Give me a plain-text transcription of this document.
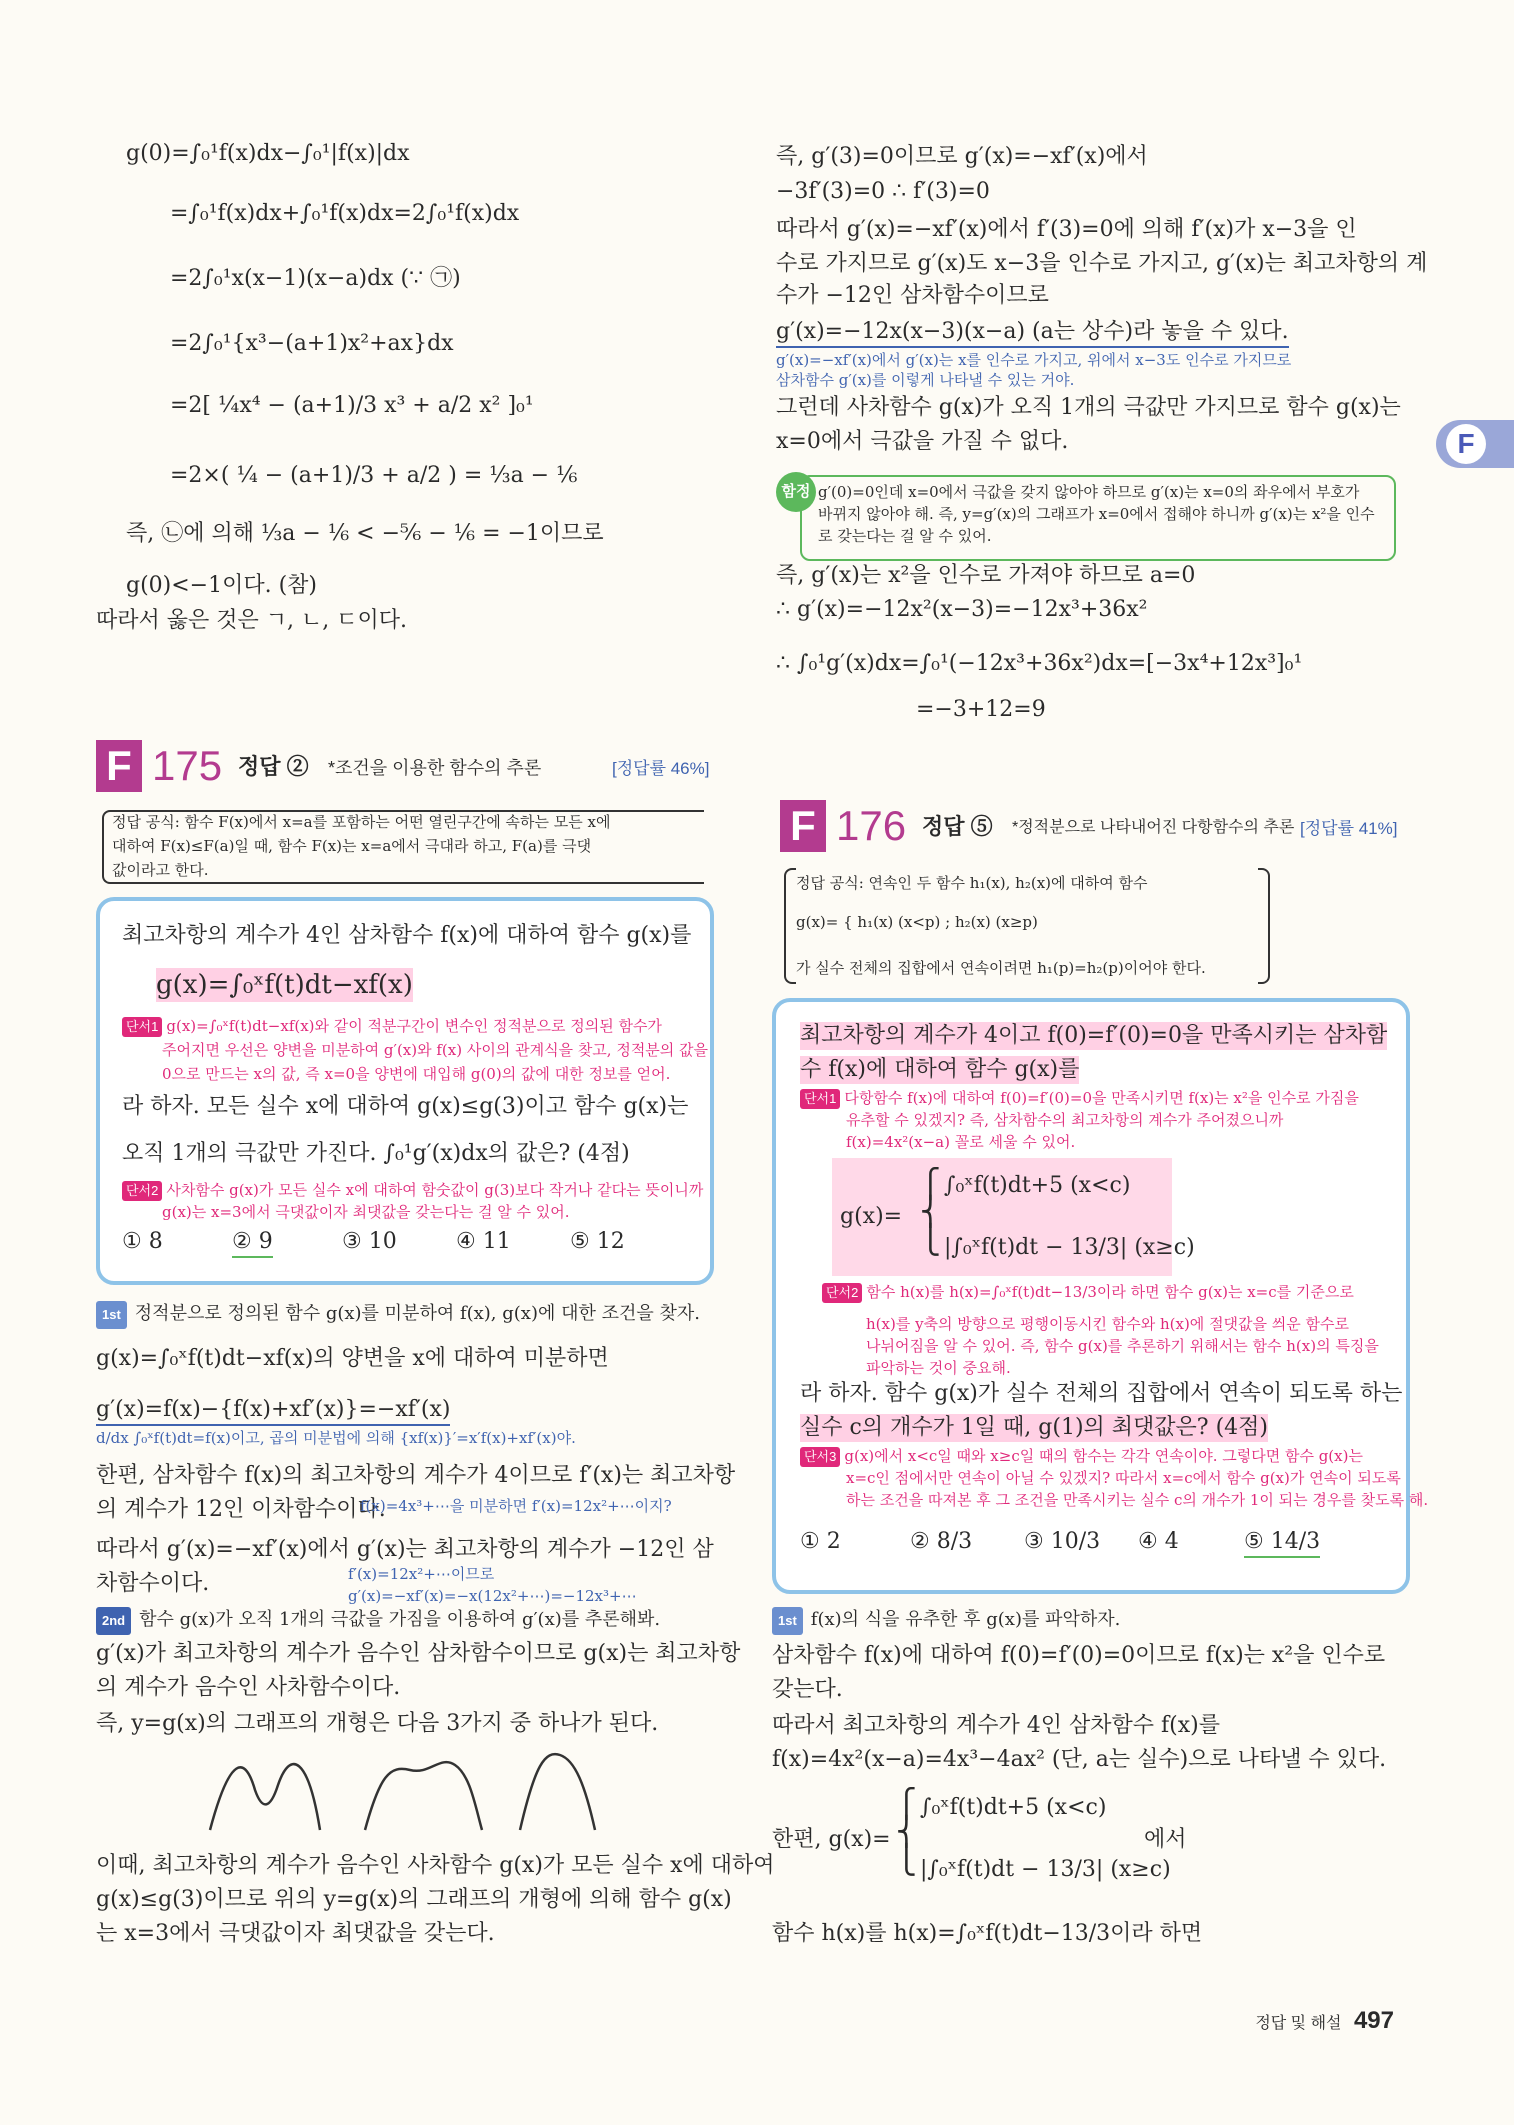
F
g(0)=∫₀¹f(x)dx−∫₀¹|f(x)|dx
=∫₀¹f(x)dx+∫₀¹f(x)dx=2∫₀¹f(x)dx
=2∫₀¹x(x−1)(x−a)dx (∵ ㉠)
=2∫₀¹{x³−(a+1)x²+ax}dx
=2[ ¼x⁴ − (a+1)/3 x³ + a/2 x² ]₀¹
=2×( ¼ − (a+1)/3 + a/2 ) = ⅓a − ⅙
즉, ㉡에 의해 ⅓a − ⅙ < −⁵⁄₆ − ⅙ = −1이므로
g(0)<−1이다. (참)
따라서 옳은 것은 ㄱ, ㄴ, ㄷ이다.
즉, g′(3)=0이므로 g′(x)=−xf′(x)에서
−3f′(3)=0 ∴ f′(3)=0
따라서 g′(x)=−xf′(x)에서 f′(3)=0에 의해 f′(x)가 x−3을 인
수로 가지므로 g′(x)도 x−3을 인수로 가지고, g′(x)는 최고차항의 계
수가 −12인 삼차함수이므로
g′(x)=−12x(x−3)(x−a) (a는 상수)라 놓을 수 있다.
g′(x)=−xf′(x)에서 g′(x)는 x를 인수로 가지고, 위에서 x−3도 인수로 가지므로
삼차함수 g′(x)를 이렇게 나타낼 수 있는 거야.
그런데 사차함수 g(x)가 오직 1개의 극값만 가지므로 함수 g(x)는
x=0에서 극값을 가질 수 없다.
함정 g′(0)=0인데 x=0에서 극값을 갖지 않아야 하므로 g′(x)는 x=0의 좌우에서 부호가
바뀌지 않아야 해. 즉, y=g′(x)의 그래프가 x=0에서 접해야 하니까 g′(x)는 x²을 인수
로 갖는다는 걸 알 수 있어.
즉, g′(x)는 x²을 인수로 가져야 하므로 a=0
∴ g′(x)=−12x²(x−3)=−12x³+36x²
∴ ∫₀¹g′(x)dx=∫₀¹(−12x³+36x²)dx=[−3x⁴+12x³]₀¹
=−3+12=9
F 175 정답 ② *조건을 이용한 함수의 추론	[정답률 46%]
정답 공식: 함수 F(x)에서 x=a를 포함하는 어떤 열린구간에 속하는 모든 x에
대하여 F(x)≤F(a)일 때, 함수 F(x)는 x=a에서 극대라 하고, F(a)를 극댓
값이라고 한다.
최고차항의 계수가 4인 삼차함수 f(x)에 대하여 함수 g(x)를
g(x)=∫₀ˣf(t)dt−xf(x)
단서1 g(x)=∫₀ˣf(t)dt−xf(x)와 같이 적분구간이 변수인 정적분으로 정의된 함수가
주어지면 우선은 양변을 미분하여 g′(x)와 f(x) 사이의 관계식을 찾고, 정적분의 값을
0으로 만드는 x의 값, 즉 x=0을 양변에 대입해 g(0)의 값에 대한 정보를 얻어.
라 하자. 모든 실수 x에 대하여 g(x)≤g(3)이고 함수 g(x)는
오직 1개의 극값만 가진다. ∫₀¹g′(x)dx의 값은? (4점)
단서2 사차함수 g(x)가 모든 실수 x에 대하여 함숫값이 g(3)보다 작거나 같다는 뜻이니까
g(x)는 x=3에서 극댓값이자 최댓값을 갖는다는 걸 알 수 있어.
① 8	② 9	③ 10	④ 11	⑤ 12
1st 정적분으로 정의된 함수 g(x)를 미분하여 f(x), g(x)에 대한 조건을 찾자.
g(x)=∫₀ˣf(t)dt−xf(x)의 양변을 x에 대하여 미분하면
g′(x)=f(x)−{f(x)+xf′(x)}=−xf′(x)
d/dx ∫₀ˣf(t)dt=f(x)이고, 곱의 미분법에 의해 {xf(x)}′=x′f(x)+xf′(x)야.
한편, 삼차함수 f(x)의 최고차항의 계수가 4이므로 f′(x)는 최고차항
의 계수가 12인 이차함수이다.
f(x)=4x³+⋯을 미분하면 f′(x)=12x²+⋯이지?
따라서 g′(x)=−xf′(x)에서 g′(x)는 최고차항의 계수가 −12인 삼
차함수이다.	f′(x)=12x²+⋯이므로
g′(x)=−xf′(x)=−x(12x²+⋯)=−12x³+⋯
2nd 함수 g(x)가 오직 1개의 극값을 가짐을 이용하여 g′(x)를 추론해봐.
g′(x)가 최고차항의 계수가 음수인 삼차함수이므로 g(x)는 최고차항
의 계수가 음수인 사차함수이다.
즉, y=g(x)의 그래프의 개형은 다음 3가지 중 하나가 된다.
이때, 최고차항의 계수가 음수인 사차함수 g(x)가 모든 실수 x에 대하여
g(x)≤g(3)이므로 위의 y=g(x)의 그래프의 개형에 의해 함수 g(x)
는 x=3에서 극댓값이자 최댓값을 갖는다.
F 176 정답 ⑤ *정적분으로 나타내어진 다항함수의 추론 [정답률 41%]
정답 공식: 연속인 두 함수 h₁(x), h₂(x)에 대하여 함수
g(x)= { h₁(x) (x<p) ; h₂(x) (x≥p)
가 실수 전체의 집합에서 연속이려면 h₁(p)=h₂(p)이어야 한다.
최고차항의 계수가 4이고 f(0)=f′(0)=0을 만족시키는 삼차함
수 f(x)에 대하여 함수 g(x)를
단서1 다항함수 f(x)에 대하여 f(0)=f′(0)=0을 만족시키면 f(x)는 x²을 인수로 가짐을
유추할 수 있겠지? 즉, 삼차함수의 최고차항의 계수가 주어졌으니까
f(x)=4x²(x−a) 꼴로 세울 수 있어.
g(x)=
⎧
⎨
⎩
∫₀ˣf(t)dt+5 (x<c)
|∫₀ˣf(t)dt − 13/3| (x≥c)
단서2 함수 h(x)를 h(x)=∫₀ˣf(t)dt−13/3이라 하면 함수 g(x)는 x=c를 기준으로
h(x)를 y축의 방향으로 평행이동시킨 함수와 h(x)에 절댓값을 씌운 함수로
나뉘어짐을 알 수 있어. 즉, 함수 g(x)를 추론하기 위해서는 함수 h(x)의 특징을
파악하는 것이 중요해.
라 하자. 함수 g(x)가 실수 전체의 집합에서 연속이 되도록 하는
실수 c의 개수가 1일 때, g(1)의 최댓값은? (4점)
단서3 g(x)에서 x<c일 때와 x≥c일 때의 함수는 각각 연속이야. 그렇다면 함수 g(x)는
x=c인 점에서만 연속이 아닐 수 있겠지? 따라서 x=c에서 함수 g(x)가 연속이 되도록
하는 조건을 따져본 후 그 조건을 만족시키는 실수 c의 개수가 1이 되는 경우를 찾도록 해.
① 2	② 8/3 ③ 10/3 ④ 4	⑤ 14/3
1st f(x)의 식을 유추한 후 g(x)를 파악하자.
삼차함수 f(x)에 대하여 f(0)=f′(0)=0이므로 f(x)는 x²을 인수로
갖는다.
따라서 최고차항의 계수가 4인 삼차함수 f(x)를
f(x)=4x²(x−a)=4x³−4ax² (단, a는 실수)으로 나타낼 수 있다.
한편, g(x)=
⎧
⎨
⎩
∫₀ˣf(t)dt+5 (x<c)
|∫₀ˣf(t)dt − 13/3| (x≥c)
에서
함수 h(x)를 h(x)=∫₀ˣf(t)dt−13/3이라 하면
정답 및 해설 497
